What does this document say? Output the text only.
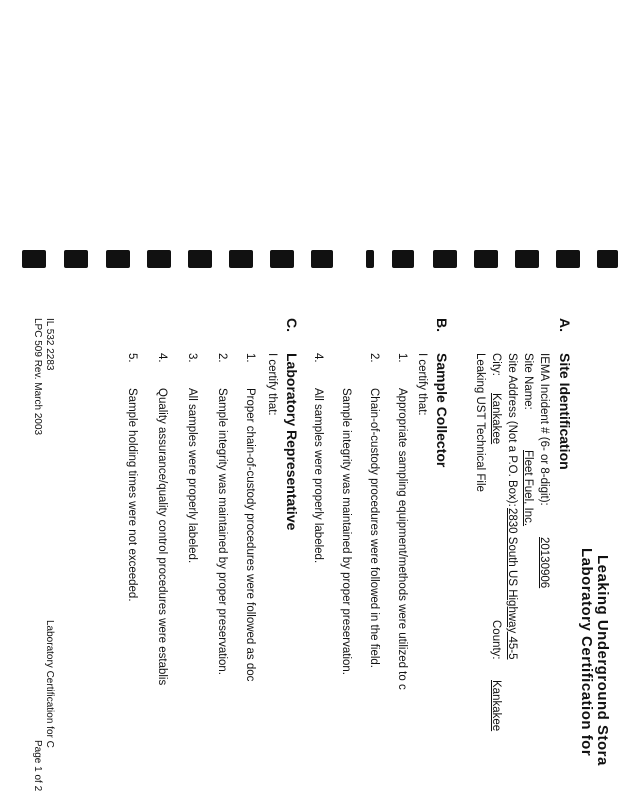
Leaking Underground Stora
Laboratory Certification for
A.
Site Identification
IEMA Incident # (6- or 8-digit):
20130906
Site Name:
Fleet Fuel, Inc.
Site Address (Not a P.O. Box):
2830 South US Highway 45-5
City:
Kankakee
County:
Kankakee
Leaking UST Technical File
B.
Sample Collector
I certify that:
1.
Appropriate sampling equipment/methods were utilized to c
2.
Chain-of-custody procedures were followed in the field.
Sample integrity was maintained by proper preservation.
4.
All samples were properly labeled.
C.
Laboratory Representative
I certify that:
1.
Proper chain-of-custody procedures were followed as doc
2.
Sample integrity was maintained by proper preservation.
3.
All samples were properly labeled.
4.
Quality assurance/quality control procedures were establis
5.
Sample holding times were not exceeded.
IL 532 2283
LPC 509 Rev. March 2003
Laboratory Certification for C
Page 1 of 2
